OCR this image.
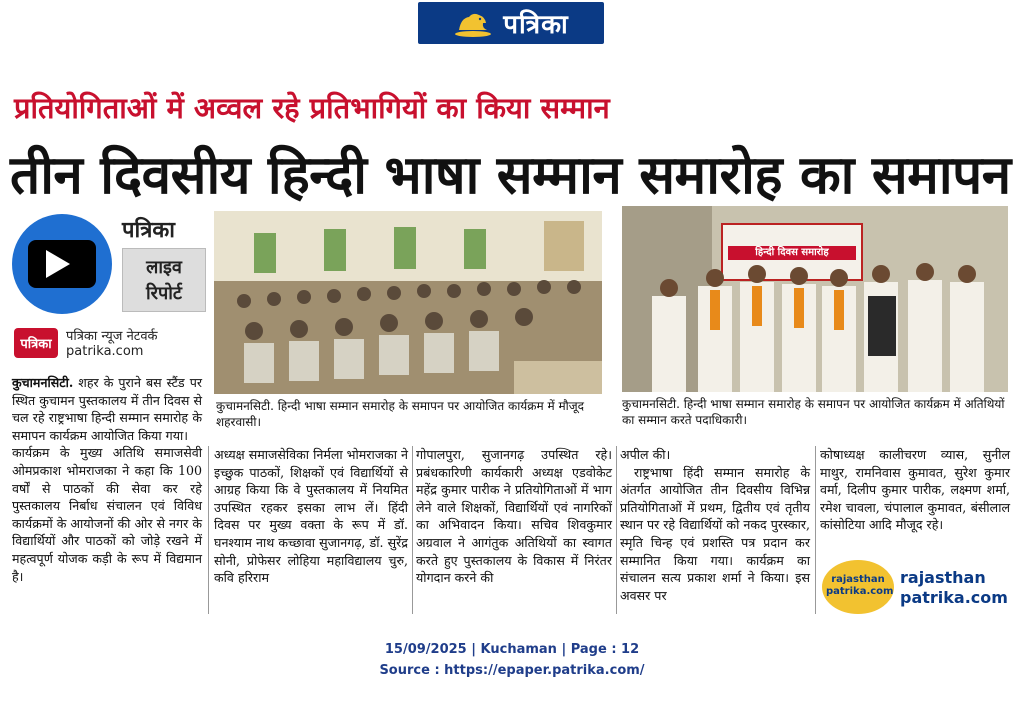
पत्रिका
प्रतियोगिताओं में अव्वल रहे प्रतिभागियों का किया सम्मान
तीन दिवसीय हिन्दी भाषा सम्मान समारोह का समापन
पत्रिका
लाइव
रिपोर्ट
पत्रिका
पत्रिका न्यूज नेटवर्क
patrika.com
कुचामनसिटी. हिन्दी भाषा सम्मान समारोह के समापन पर आयोजित कार्यक्रम में मौजूद शहरवासी।
हिन्दी दिवस समारोह
कुचामनसिटी. हिन्दी भाषा सम्मान समारोह के समापन पर आयोजित कार्यक्रम में अतिथियों का सम्मान करते पदाधिकारी।

कुचामनसिटी. शहर के पुराने बस स्टैंड पर स्थित कुचामन पुस्तकालय में तीन दिवस से चल रहे राष्ट्रभाषा हिन्दी सम्मान समारोह के समापन कार्यक्रम आयोजित किया गया।

कार्यक्रम के मुख्य अतिथि समाजसेवी ओमप्रकाश भोमराजका ने कहा कि 100 वर्षों से पाठकों की सेवा कर रहे पुस्तकालय निर्बाध संचालन एवं विविध कार्यक्रमों के आयोजनों की ओर से नगर के विद्यार्थियों और पाठकों को जोड़े रखने में महत्वपूर्ण योजक कड़ी के रूप में विद्यमान है।

अध्यक्ष समाजसेविका निर्मला भोमराजका ने इच्छुक पाठकों, शिक्षकों एवं विद्यार्थियों से आग्रह किया कि वे पुस्तकालय में नियमित उपस्थित रहकर इसका लाभ लें। हिंदी दिवस पर मुख्य वक्ता के रूप में डॉ. घनश्याम नाथ कच्छावा सुजानगढ़, डॉ. सुरेंद्र सोनी, प्रोफेसर लोहिया महाविद्यालय चुरु, कवि हरिराम

गोपालपुरा, सुजानगढ़ उपस्थित रहे। प्रबंधकारिणी कार्यकारी अध्यक्ष एडवोकेट महेंद्र कुमार पारीक ने प्रतियोगिताओं में भाग लेने वाले शिक्षकों, विद्यार्थियों एवं नागरिकों का अभिवादन किया। सचिव शिवकुमार अग्रवाल ने आगंतुक अतिथियों का स्वागत करते हुए पुस्तकालय के विकास में निरंतर योगदान करने की

अपील की।

राष्ट्रभाषा हिंदी सम्मान समारोह के अंतर्गत आयोजित तीन दिवसीय विभिन्न प्रतियोगिताओं में प्रथम, द्वितीय एवं तृतीय स्थान पर रहे विद्यार्थियों को नकद पुरस्कार, स्मृति चिन्ह एवं प्रशस्ति पत्र प्रदान कर सम्मानित किया गया। कार्यक्रम का संचालन सत्य प्रकाश शर्मा ने किया। इस अवसर पर

कोषाध्यक्ष कालीचरण व्यास, सुनील माथुर, रामनिवास कुमावत, सुरेश कुमार वर्मा, दिलीप कुमार पारीक, लक्ष्मण शर्मा, रमेश चावला, चंपालाल कुमावत, बंसीलाल कांसोटिया आदि मौजूद रहे।

rajasthan
patrika.com
rajasthan
patrika.com
15/09/2025 | Kuchaman | Page : 12
Source : https://epaper.patrika.com/
